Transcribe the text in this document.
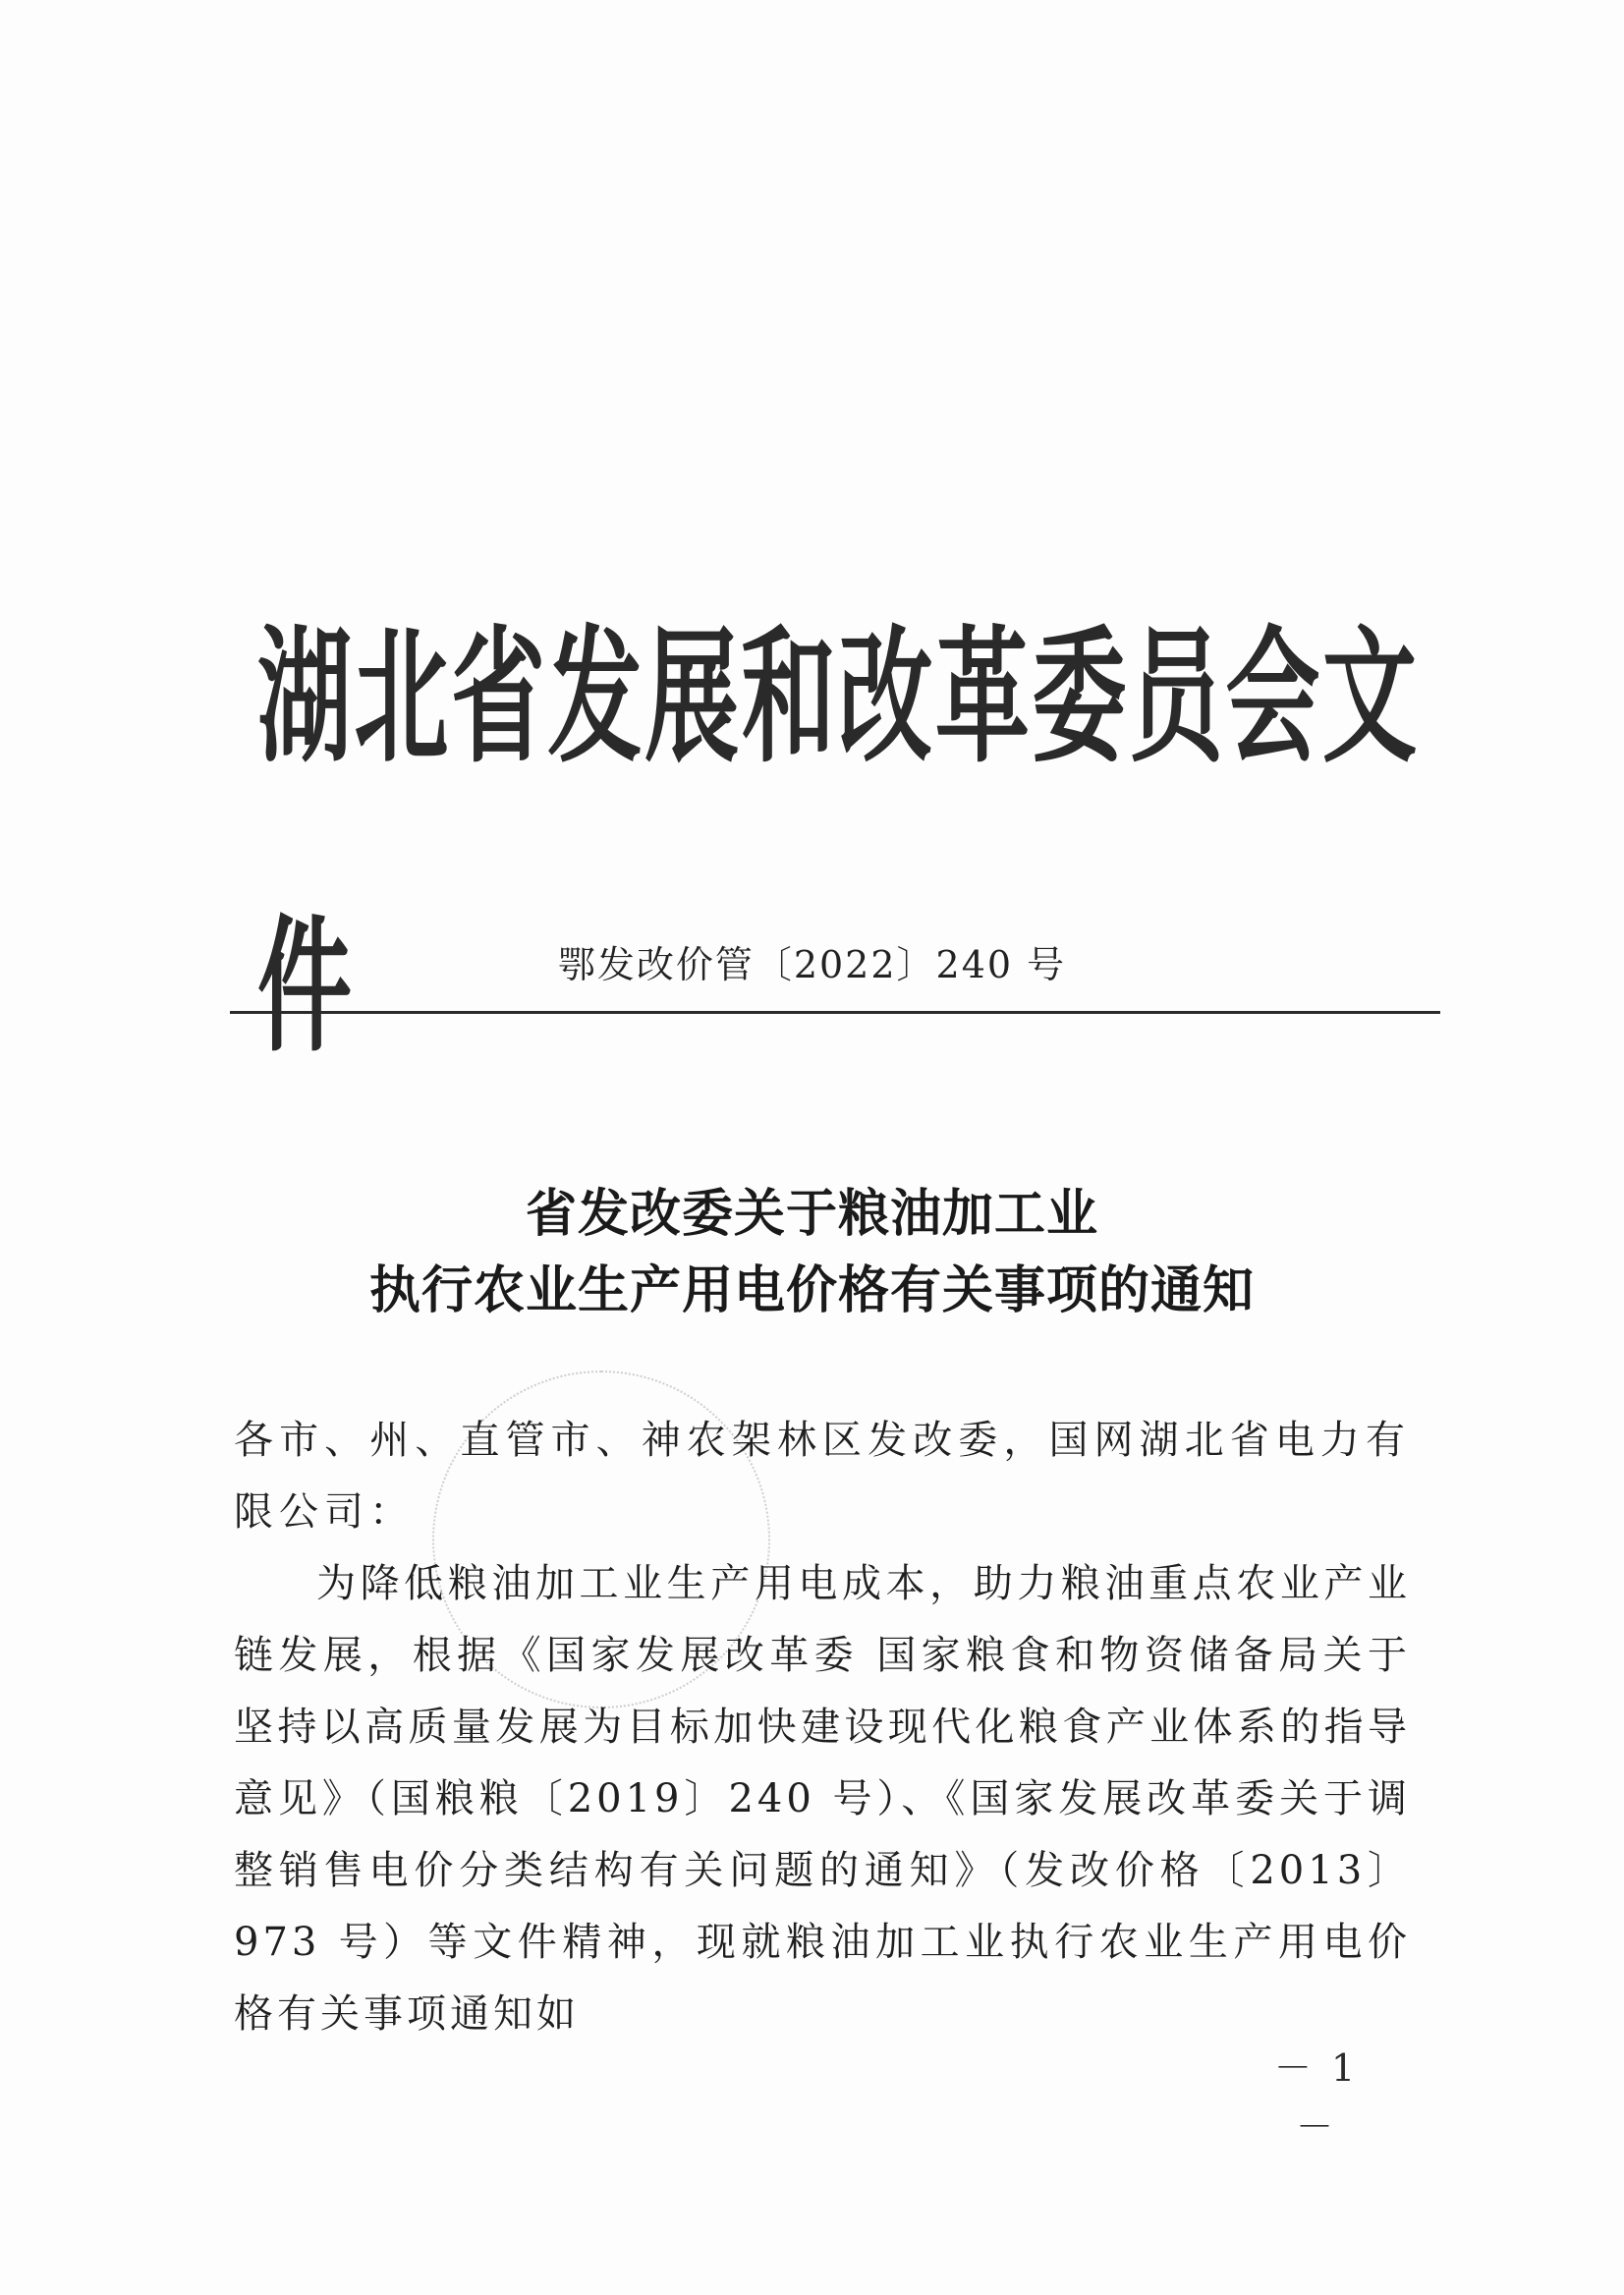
湖北省发展和改革委员会文件	鄂发改价管〔2022〕240 号
省发改委关于粮油加工业
执行农业生产用电价格有关事项的通知

各市、州、直管市、神农架林区发改委，国网湖北省电力有限公司：

为降低粮油加工业生产用电成本，助力粮油重点农业产业链发展，根据《国家发展改革委 国家粮食和物资储备局关于坚持以高质量发展为目标加快建设现代化粮食产业体系的指导意见》（国粮粮〔2019〕240 号）、《国家发展改革委关于调整销售电价分类结构有关问题的通知》（发改价格〔2013〕973 号）等文件精神，现就粮油加工业执行农业生产用电价格有关事项通知如

－ 1 －
